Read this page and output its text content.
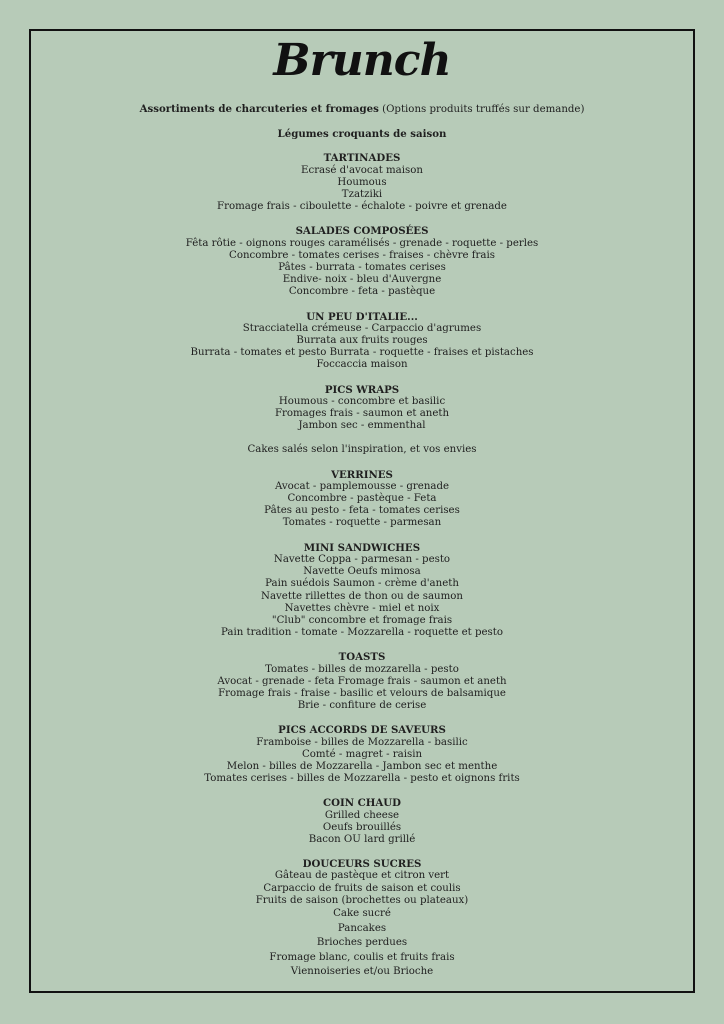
Brunch
Assortiments de charcuteries et fromages (Options produits truffés sur demande)
Légumes croquants de saison
TARTINADES
Ecrasé d'avocat maison
Houmous
Tzatziki
Fromage frais - ciboulette - échalote - poivre et grenade
SALADES COMPOSÉES
Fêta rôtie - oignons rouges caramélisés - grenade - roquette - perles
Concombre - tomates cerises - fraises - chèvre frais
Pâtes - burrata - tomates cerises
Endive- noix - bleu d'Auvergne
Concombre - feta - pastèque
UN PEU D'ITALIE...
Stracciatella crémeuse - Carpaccio d'agrumes
Burrata aux fruits rouges
Burrata - tomates et pesto Burrata - roquette - fraises et pistaches
Foccaccia maison
PICS WRAPS
Houmous - concombre et basilic
Fromages frais - saumon et aneth
Jambon sec - emmenthal
Cakes salés selon l'inspiration, et vos envies
VERRINES
Avocat - pamplemousse - grenade
Concombre - pastèque - Feta
Pâtes au pesto - feta - tomates cerises
Tomates - roquette - parmesan
MINI SANDWICHES
Navette Coppa - parmesan - pesto
Navette Oeufs mimosa
Pain suédois Saumon - crème d'aneth
Navette rillettes de thon ou de saumon
Navettes chèvre - miel et noix
"Club" concombre et fromage frais
Pain tradition - tomate - Mozzarella - roquette et pesto
TOASTS
Tomates - billes de mozzarella - pesto
Avocat - grenade - feta Fromage frais - saumon et aneth
Fromage frais - fraise - basilic et velours de balsamique
Brie - confiture de cerise
PICS ACCORDS DE SAVEURS
Framboise - billes de Mozzarella - basilic
Comté - magret - raisin
Melon - billes de Mozzarella - Jambon sec et menthe
Tomates cerises - billes de Mozzarella - pesto et oignons frits
COIN CHAUD
Grilled cheese
Oeufs brouillés
Bacon OU lard grillé
DOUCEURS SUCRES
Gâteau de pastèque et citron vert
Carpaccio de fruits de saison et coulis
Fruits de saison (brochettes ou plateaux)
Cake sucré
Pancakes
Brioches perdues
Fromage blanc, coulis et fruits frais
Viennoiseries et/ou Brioche
